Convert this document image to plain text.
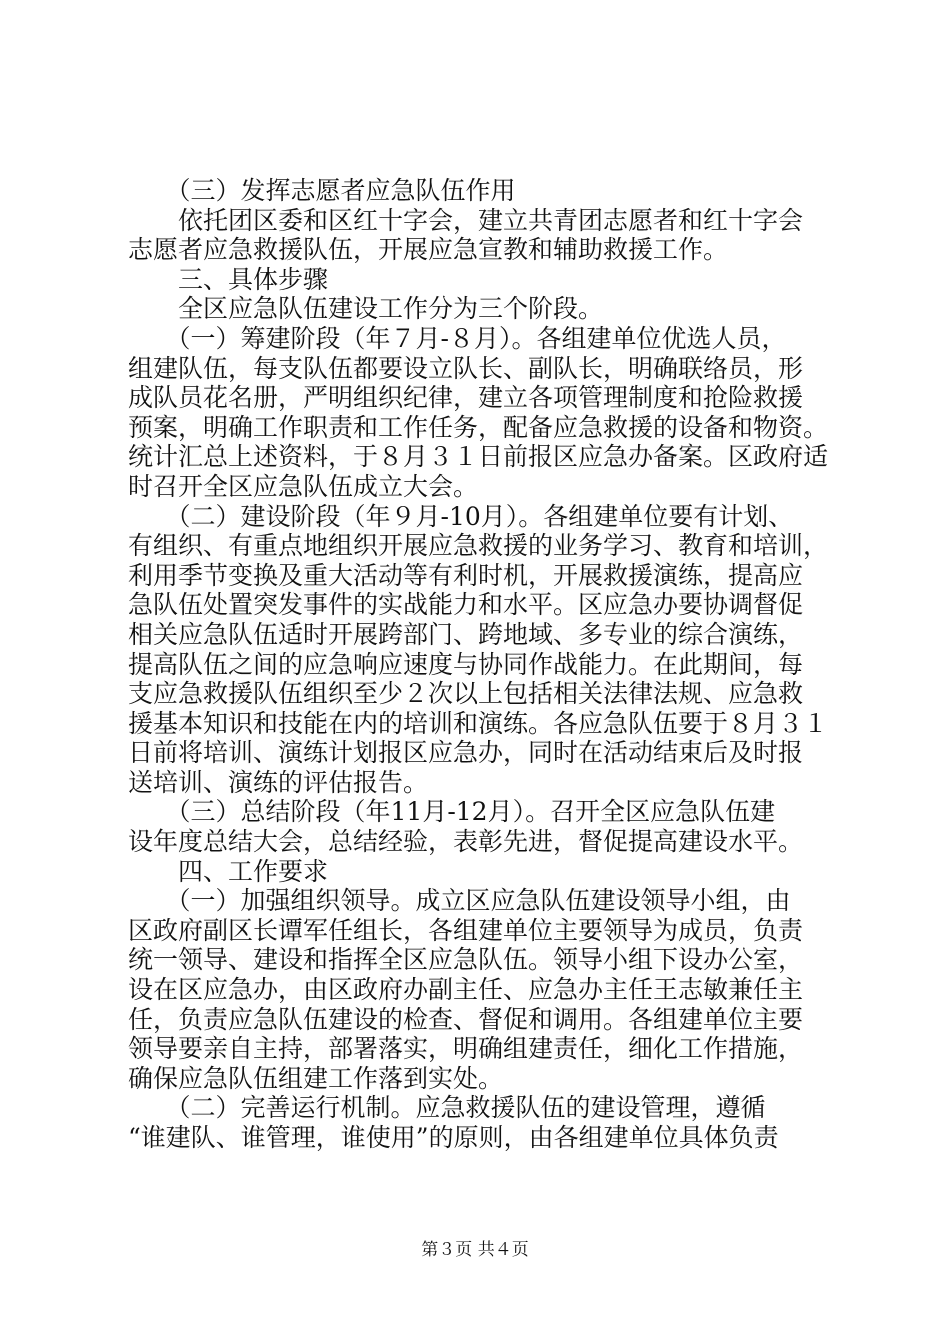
　　（三）发挥志愿者应急队伍作用

　　依托团区委和区红十字会，建立共青团志愿者和红十字会

志愿者应急救援队伍，开展应急宣教和辅助救援工作。

　　三、具体步骤

　　全区应急队伍建设工作分为三个阶段。

　　（一）筹建阶段（年７月-８月）。各组建单位优选人员，

组建队伍，每支队伍都要设立队长、副队长，明确联络员，形

成队员花名册，严明组织纪律，建立各项管理制度和抢险救援

预案，明确工作职责和工作任务，配备应急救援的设备和物资。

统计汇总上述资料，于８月３１日前报区应急办备案。区政府适

时召开全区应急队伍成立大会。

　　（二）建设阶段（年９月-10月）。各组建单位要有计划、

有组织、有重点地组织开展应急救援的业务学习、教育和培训，

利用季节变换及重大活动等有利时机，开展救援演练，提高应

急队伍处置突发事件的实战能力和水平。区应急办要协调督促

相关应急队伍适时开展跨部门、跨地域、多专业的综合演练，

提高队伍之间的应急响应速度与协同作战能力。在此期间，每

支应急救援队伍组织至少２次以上包括相关法律法规、应急救

援基本知识和技能在内的培训和演练。各应急队伍要于８月３１

日前将培训、演练计划报区应急办，同时在活动结束后及时报

送培训、演练的评估报告。

　　（三）总结阶段（年11月-12月）。召开全区应急队伍建

设年度总结大会，总结经验，表彰先进，督促提高建设水平。

　　四、工作要求

　　（一）加强组织领导。成立区应急队伍建设领导小组，由

区政府副区长谭军任组长，各组建单位主要领导为成员，负责

统一领导、建设和指挥全区应急队伍。领导小组下设办公室，

设在区应急办，由区政府办副主任、应急办主任王志敏兼任主

任，负责应急队伍建设的检查、督促和调用。各组建单位主要

领导要亲自主持，部署落实，明确组建责任，细化工作措施，

确保应急队伍组建工作落到实处。

　　（二）完善运行机制。应急救援队伍的建设管理，遵循

“谁建队、谁管理，谁使用”的原则，由各组建单位具体负责

第３页 共４页
